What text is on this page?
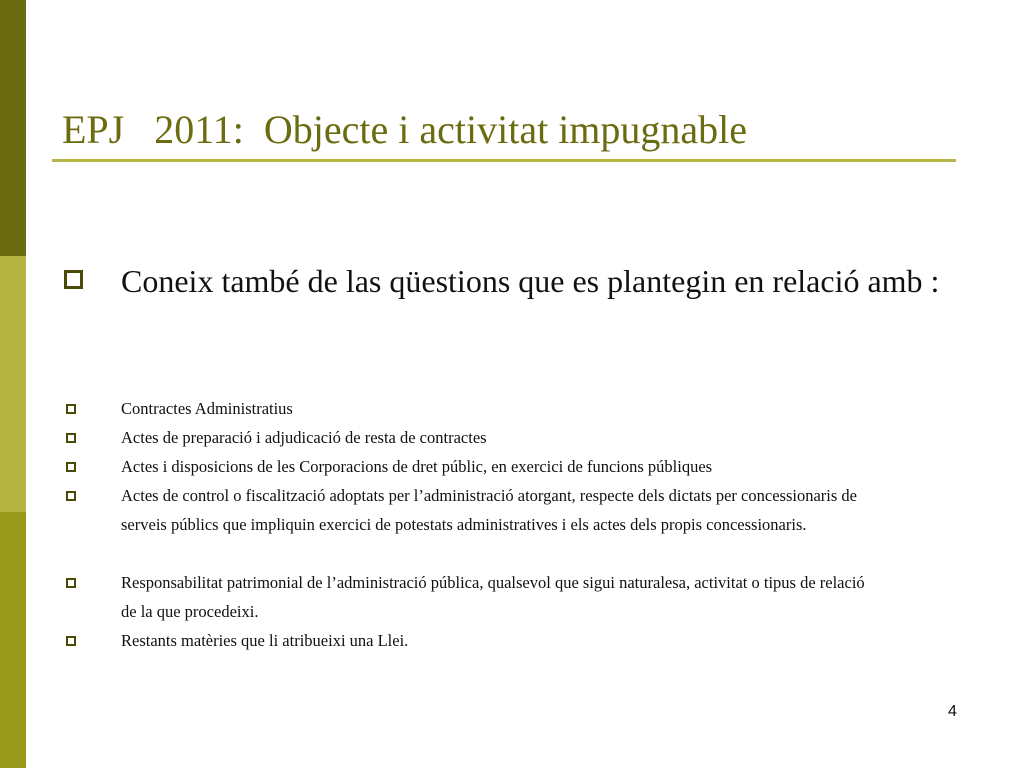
EPJ   2011:  Objecte i activitat impugnable
Coneix també de las qüestions que es plantegin en relació amb :
Contractes Administratius
Actes de preparació i adjudicació de resta de contractes
Actes i disposicions de les Corporacions de dret públic, en exercici de funcions públiques
Actes de control o fiscalització adoptats per l’administració atorgant, respecte dels dictats per concessionaris de serveis públics que impliquin exercici de potestats administratives i els actes dels propis concessionaris.
Responsabilitat patrimonial de l’administració pública, qualsevol que sigui naturalesa, activitat o tipus de relació de la que procedeixi.
Restants matèries que li atribueixi una Llei.
4
